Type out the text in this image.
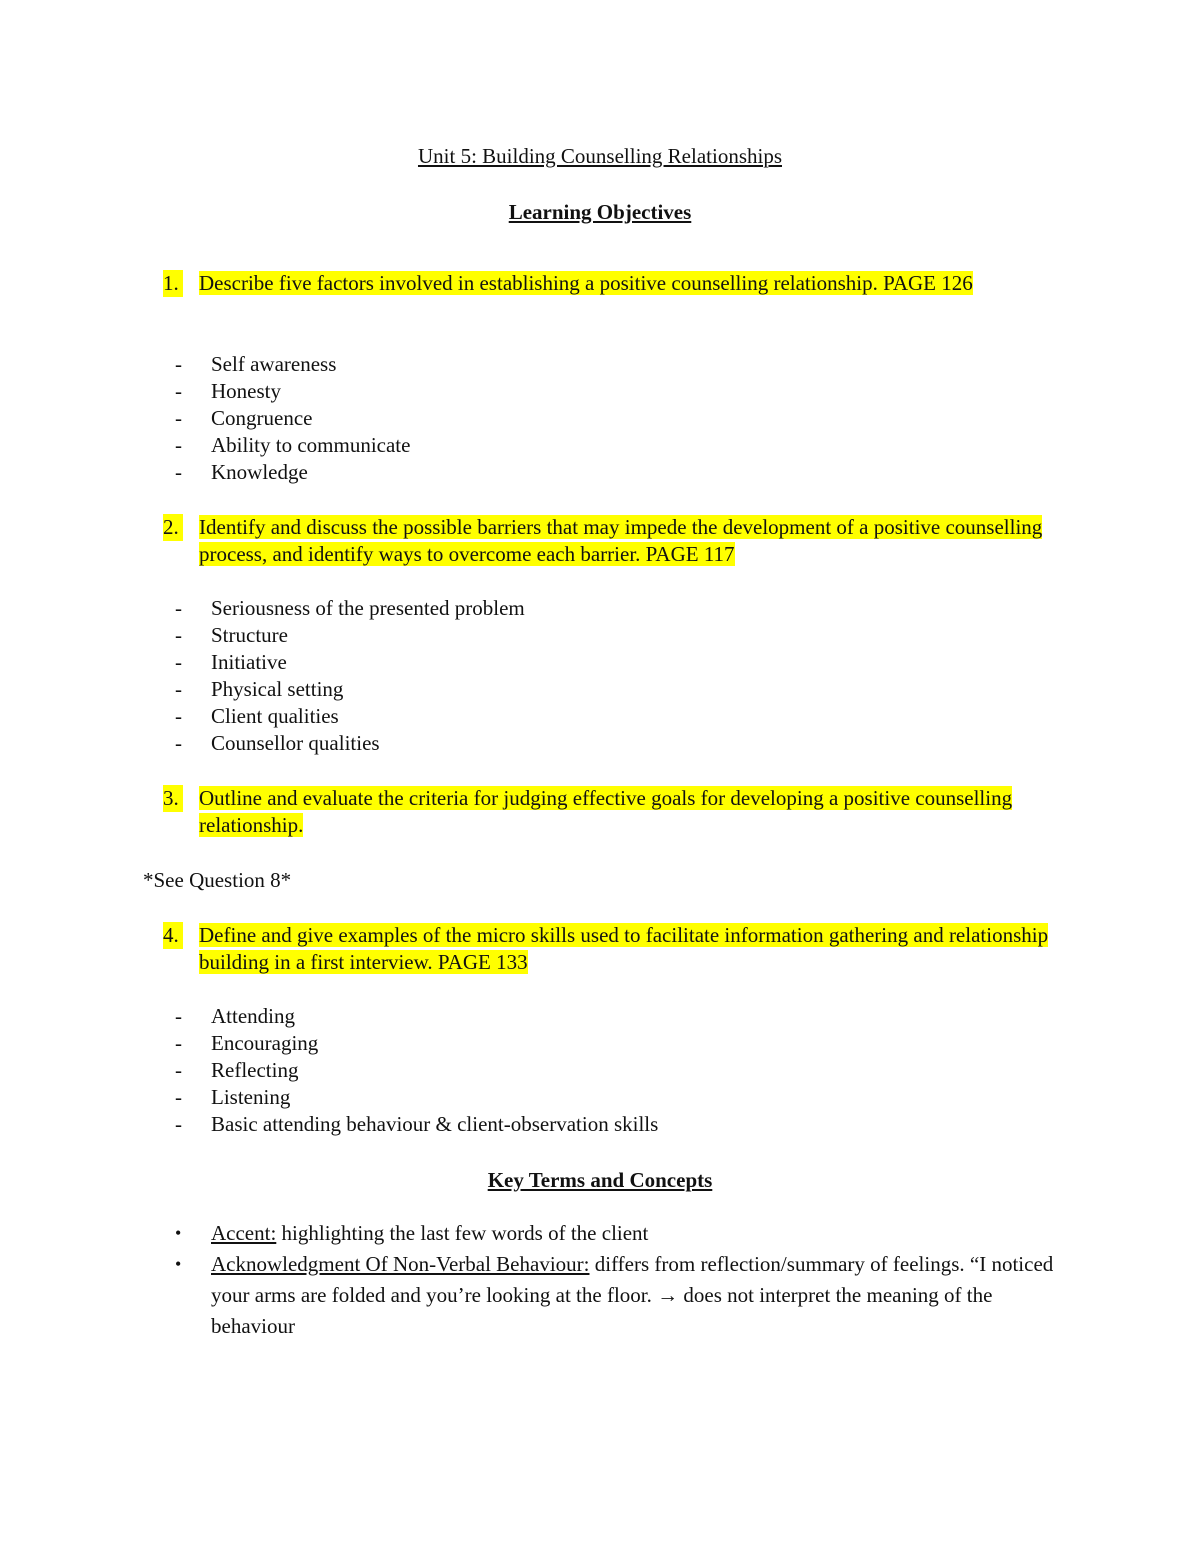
Unit 5: Building Counselling Relationships
Learning Objectives
1. Describe five factors involved in establishing a positive counselling relationship. PAGE 126
- Self awareness
- Honesty
- Congruence
- Ability to communicate
- Knowledge
2. Identify and discuss the possible barriers that may impede the development of a positive counselling process, and identify ways to overcome each barrier. PAGE 117
- Seriousness of the presented problem
- Structure
- Initiative
- Physical setting
- Client qualities
- Counsellor qualities
3. Outline and evaluate the criteria for judging effective goals for developing a positive counselling relationship.
*See Question 8*
4. Define and give examples of the micro skills used to facilitate information gathering and relationship building in a first interview. PAGE 133
- Attending
- Encouraging
- Reflecting
- Listening
- Basic attending behaviour & client-observation skills
Key Terms and Concepts
• Accent: highlighting the last few words of the client
• Acknowledgment Of Non-Verbal Behaviour: differs from reflection/summary of feelings. “I noticed your arms are folded and you’re looking at the floor. → does not interpret the meaning of the behaviour
